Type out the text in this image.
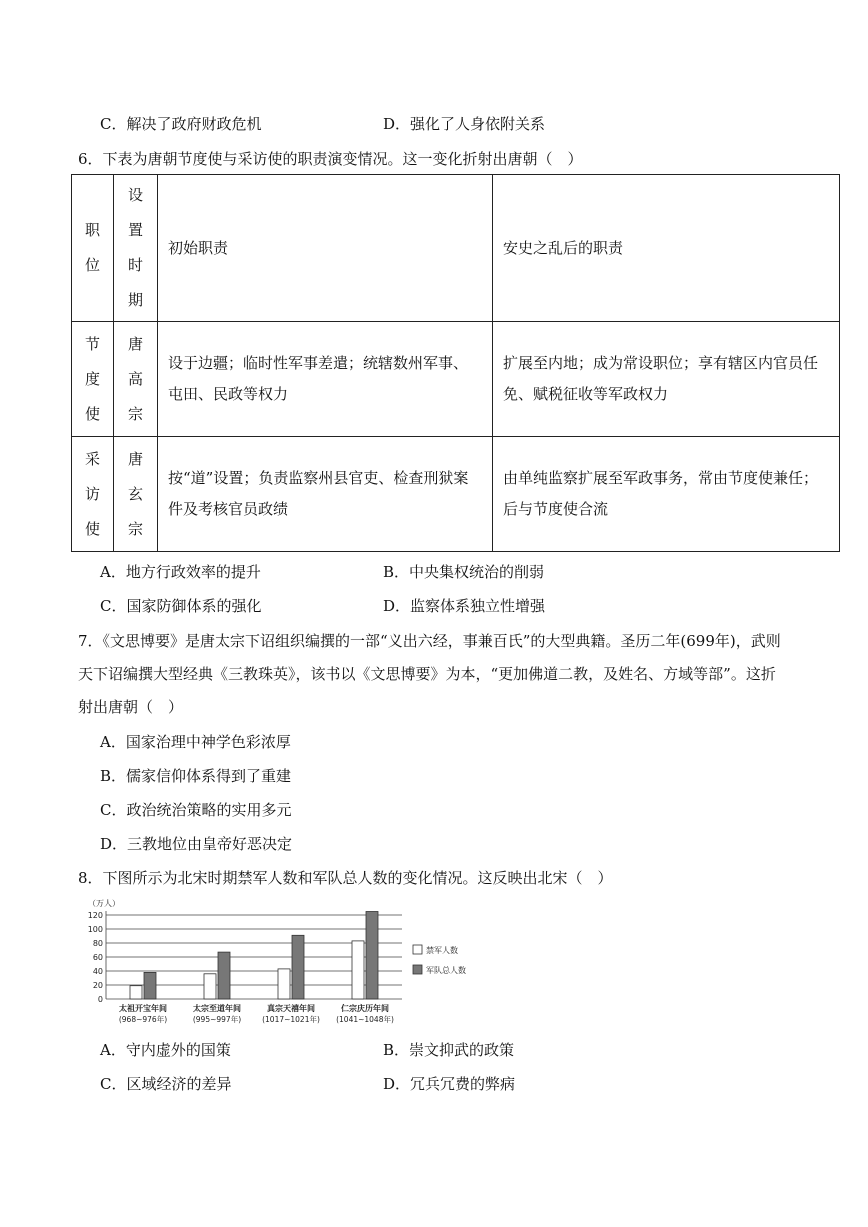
C．解决了政府财政危机	D．强化了人身依附关系
6．下表为唐朝节度使与采访使的职责演变情况。这一变化折射出唐朝（　）
职位	设置时期	初始职责	安史之乱后的职责

节度使	唐高宗	设于边疆；临时性军事差遣；统辖数州军事、屯田、民政等权力	扩展至内地；成为常设职位；享有辖区内官员任免、赋税征收等军政权力

采访使	唐玄宗	按“道”设置；负责监察州县官吏、检查刑狱案件及考核官员政绩	由单纯监察扩展至军政事务，常由节度使兼任；后与节度使合流
A．地方行政效率的提升	B．中央集权统治的削弱
C．国家防御体系的强化	D．监察体系独立性增强
7．《文思博要》是唐太宗下诏组织编撰的一部“义出六经，事兼百氏”的大型典籍。圣历二年(699年)，武则
天下诏编撰大型经典《三教珠英》，该书以《文思博要》为本，“更加佛道二教，及姓名、方域等部”。这折
射出唐朝（　）
A．国家治理中神学色彩浓厚
B．儒家信仰体系得到了重建
C．政治统治策略的实用多元
D．三教地位由皇帝好恶决定
8．下图所示为北宋时期禁军人数和军队总人数的变化情况。这反映出北宋（　）
（万人）
0
20
40
60
80
100
120
太祖开宝年间
(968~976年)
太宗至道年间
(995~997年)
真宗天禧年间
(1017~1021年)
仁宗庆历年间
(1041~1048年)
禁军人数
军队总人数
A．守内虚外的国策	B．崇文抑武的政策
C．区域经济的差异	D．冗兵冗费的弊病
